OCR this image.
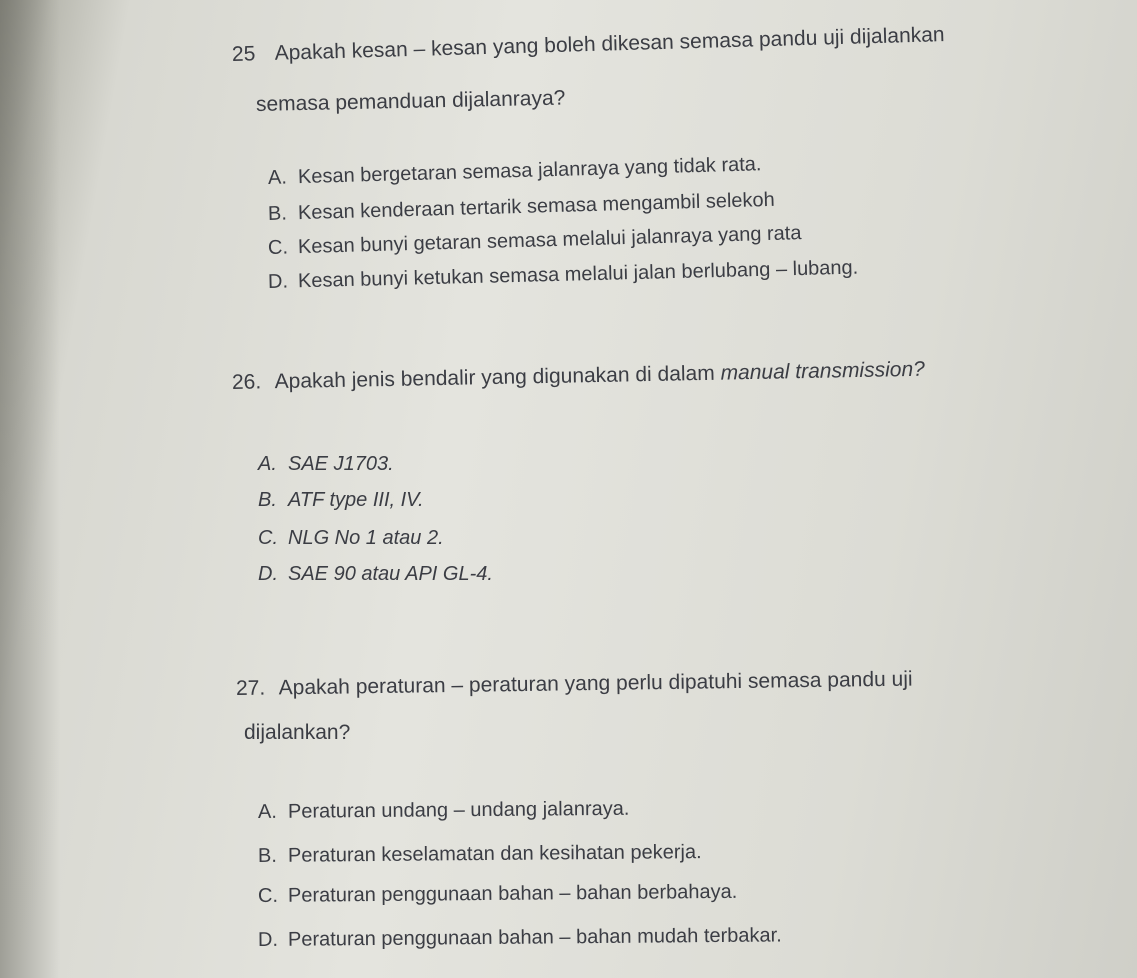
25 Apakah kesan – kesan yang boleh dikesan semasa pandu uji dijalankan

semasa pemanduan dijalanraya?

A. Kesan bergetaran semasa jalanraya yang tidak rata.

B. Kesan kenderaan tertarik semasa mengambil selekoh

C. Kesan bunyi getaran semasa melalui jalanraya yang rata

D. Kesan bunyi ketukan semasa melalui jalan berlubang – lubang.

26. Apakah jenis bendalir yang digunakan di dalam manual transmission?

A. SAE J1703.

B. ATF type III, IV.

C. NLG No 1 atau 2.

D. SAE 90 atau API GL-4.

27. Apakah peraturan – peraturan yang perlu dipatuhi semasa pandu uji

dijalankan?

A. Peraturan undang – undang jalanraya.

B. Peraturan keselamatan dan kesihatan pekerja.

C. Peraturan penggunaan bahan – bahan berbahaya.

D. Peraturan penggunaan bahan – bahan mudah terbakar.
